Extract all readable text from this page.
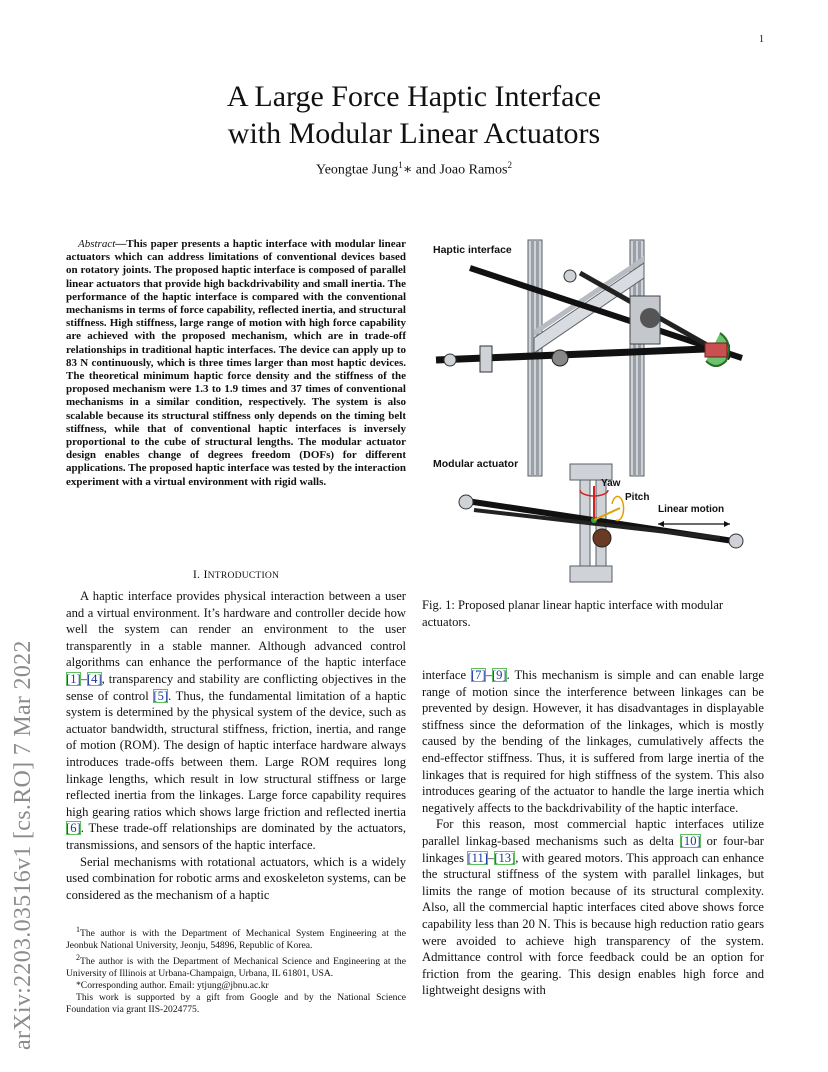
1
A Large Force Haptic Interface
with Modular Linear Actuators
Yeongtae Jung$^1$∗ and Joao Ramos$^2$
arXiv:2203.03516v1 [cs.RO] 7 Mar 2022

Abstract—This paper presents a haptic interface with modular linear actuators which can address limitations of conventional devices based on rotatory joints. The proposed haptic interface is composed of parallel linear actuators that provide high backdrivability and small inertia. The performance of the haptic interface is compared with the conventional mechanisms in terms of force capability, reflected inertia, and structural stiffness. High stiffness, large range of motion with high force capability are achieved with the proposed mechanism, which are in trade-off relationships in traditional haptic interfaces. The device can apply up to 83 N continuously, which is three times larger than most haptic devices. The theoretical minimum haptic force density and the stiffness of the proposed mechanism were 1.3 to 1.9 times and 37 times of conventional mechanisms in a similar condition, respectively. The system is also scalable because its structural stiffness only depends on the timing belt stiffness, while that of conventional haptic interfaces is inversely proportional to the cube of structural lengths. The modular actuator design enables change of degrees freedom (DOFs) for different applications. The proposed haptic interface was tested by the interaction experiment with a virtual environment with rigid walls.

I. INTRODUCTION

A haptic interface provides physical interaction between a user and a virtual environment. It’s hardware and controller decide how well the system can render an environment to the user transparently in a stable manner. Although advanced control algorithms can enhance the performance of the haptic interface [1]–[4], transparency and stability are conflicting objectives in the sense of control [5]. Thus, the fundamental limitation of a haptic system is determined by the physical system of the device, such as actuator bandwidth, structural stiffness, friction, inertia, and range of motion (ROM). The design of haptic interface hardware always introduces trade-offs between them. Large ROM requires long linkage lengths, which result in low structural stiffness or large reflected inertia from the linkages. Large force capability requires high gearing ratios which shows large friction and reflected inertia [6]. These trade-off relationships are dominated by the actuators, transmissions, and sensors of the haptic interface.

Serial mechanisms with rotational actuators, which is a widely used combination for robotic arms and exoskeleton systems, can be considered as the mechanism of a haptic

$^1$The author is with the Department of Mechanical System Engineering at the Jeonbuk National University, Jeonju, 54896, Republic of Korea.

$^2$The author is with the Department of Mechanical Science and Engineering at the University of Illinois at Urbana-Champaign, Urbana, IL 61801, USA.

*Corresponding author. Email: ytjung@jbnu.ac.kr

This work is supported by a gift from Google and by the National Science Foundation via grant IIS-2024775.

Haptic interface
Modular actuator
Yaw
Pitch
Linear motion
Fig. 1: Proposed planar linear haptic interface with modular actuators.

interface [7]–[9]. This mechanism is simple and can enable large range of motion since the interference between linkages can be prevented by design. However, it has disadvantages in displayable stiffness since the deformation of the linkages, which is mostly caused by the bending of the linkages, cumulatively affects the end-effector stiffness. Thus, it is suffered from large inertia of the linkages that is required for high stiffness of the system. This also introduces gearing of the actuator to handle the large inertia which negatively affects to the backdrivability of the haptic interface.

For this reason, most commercial haptic interfaces utilize parallel linkag-based mechanisms such as delta [10] or four-bar linkages [11]–[13], with geared motors. This approach can enhance the structural stiffness of the system with parallel linkages, but limits the range of motion because of its structural complexity. Also, all the commercial haptic interfaces cited above shows force capability less than 20 N. This is because high reduction ratio gears were avoided to achieve high transparency of the system. Admittance control with force feedback could be an option for friction from the gearing. This design enables high force and lightweight designs with
